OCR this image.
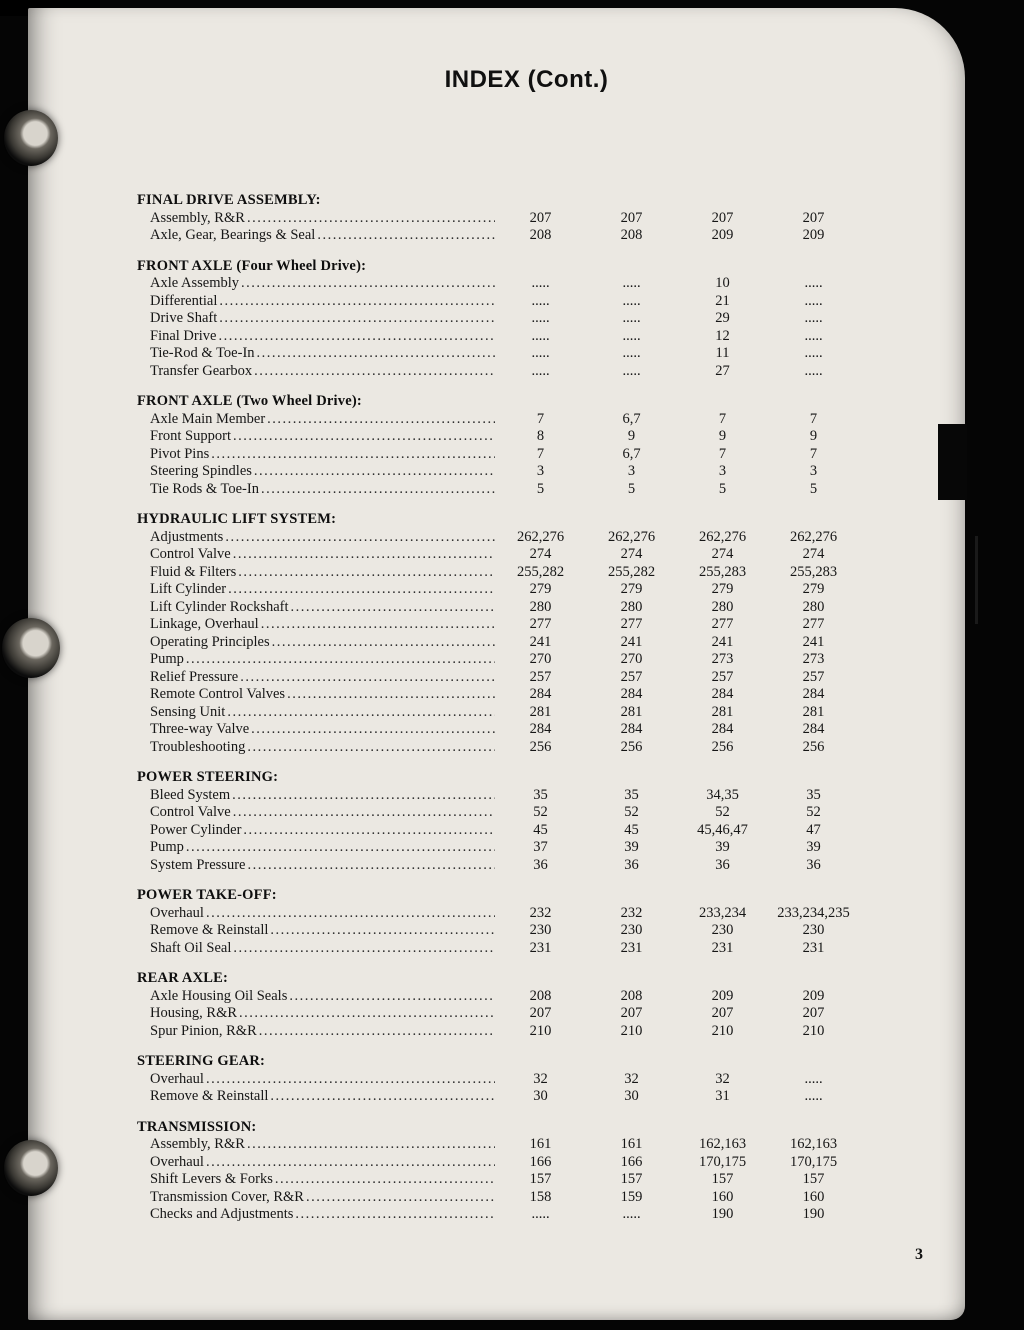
INDEX (Cont.)
FINAL DRIVE ASSEMBLY:
Assembly, R&R .....	207	207	207	207
Axle, Gear, Bearings & Seal .....	208	208	209	209
FRONT AXLE (Four Wheel Drive):
Axle Assembly .....	.....	.....	10	.....
Differential .....	.....	.....	21	.....
Drive Shaft .....	.....	.....	29	.....
Final Drive .....	.....	.....	12	.....
Tie-Rod & Toe-In .....	.....	.....	11	.....
Transfer Gearbox .....	.....	.....	27	.....
FRONT AXLE (Two Wheel Drive):
Axle Main Member .....	7	6,7	7	7
Front Support .....	8	9	9	9
Pivot Pins .....	7	6,7	7	7
Steering Spindles .....	3	3	3	3
Tie Rods & Toe-In .....	5	5	5	5
HYDRAULIC LIFT SYSTEM:
Adjustments .....	262,276	262,276	262,276	262,276
Control Valve .....	274	274	274	274
Fluid & Filters .....	255,282	255,282	255,283	255,283
Lift Cylinder .....	279	279	279	279
Lift Cylinder Rockshaft .....	280	280	280	280
Linkage, Overhaul .....	277	277	277	277
Operating Principles .....	241	241	241	241
Pump .....	270	270	273	273
Relief Pressure .....	257	257	257	257
Remote Control Valves .....	284	284	284	284
Sensing Unit .....	281	281	281	281
Three-way Valve .....	284	284	284	284
Troubleshooting .....	256	256	256	256
POWER STEERING:
Bleed System .....	35	35	34,35	35
Control Valve .....	52	52	52	52
Power Cylinder .....	45	45	45,46,47	47
Pump .....	37	39	39	39
System Pressure .....	36	36	36	36
POWER TAKE-OFF:
Overhaul .....	232	232	233,234	233,234,235
Remove & Reinstall .....	230	230	230	230
Shaft Oil Seal .....	231	231	231	231
REAR AXLE:
Axle Housing Oil Seals .....	208	208	209	209
Housing, R&R .....	207	207	207	207
Spur Pinion, R&R .....	210	210	210	210
STEERING GEAR:
Overhaul .....	32	32	32	.....
Remove & Reinstall .....	30	30	31	.....
TRANSMISSION:
Assembly, R&R .....	161	161	162,163	162,163
Overhaul .....	166	166	170,175	170,175
Shift Levers & Forks .....	157	157	157	157
Transmission Cover, R&R .....	158	159	160	160
Checks and Adjustments .....	.....	.....	190	190
3
